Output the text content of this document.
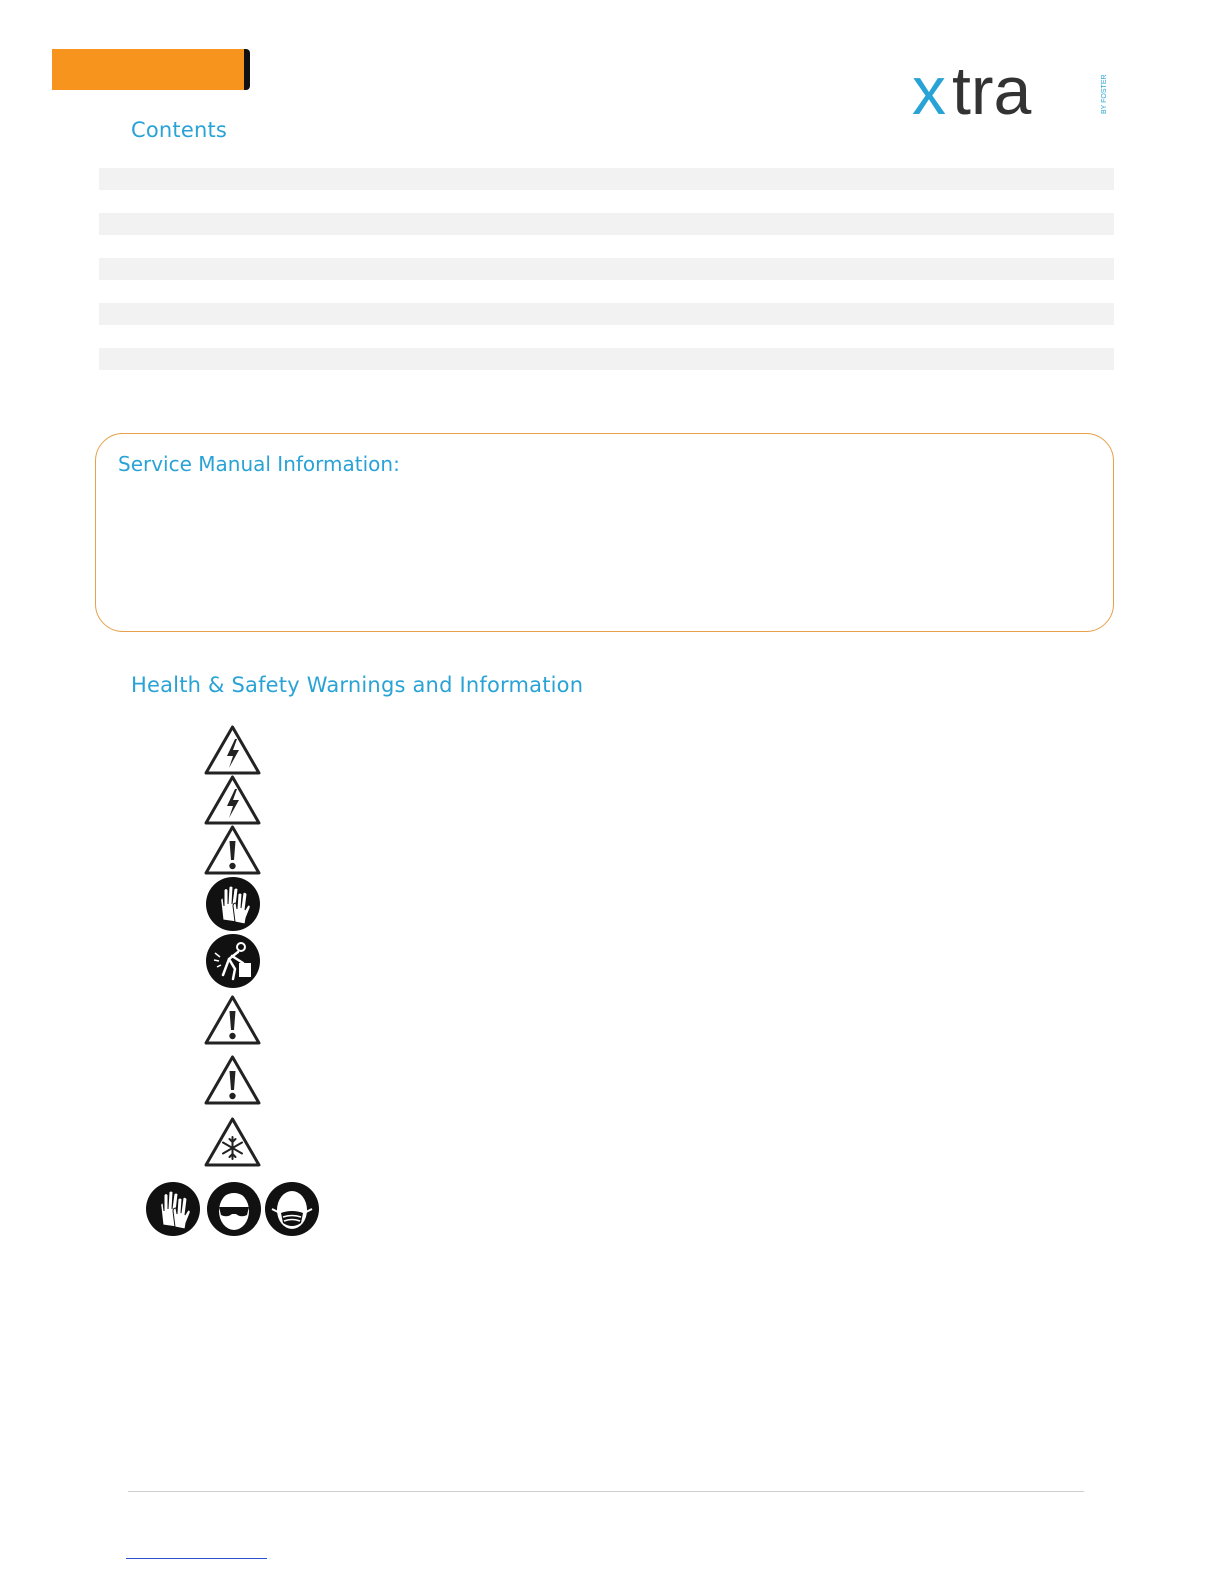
x tra	BY FOSTER
Contents
Service Manual Information:
Health & Safety Warnings and Information
